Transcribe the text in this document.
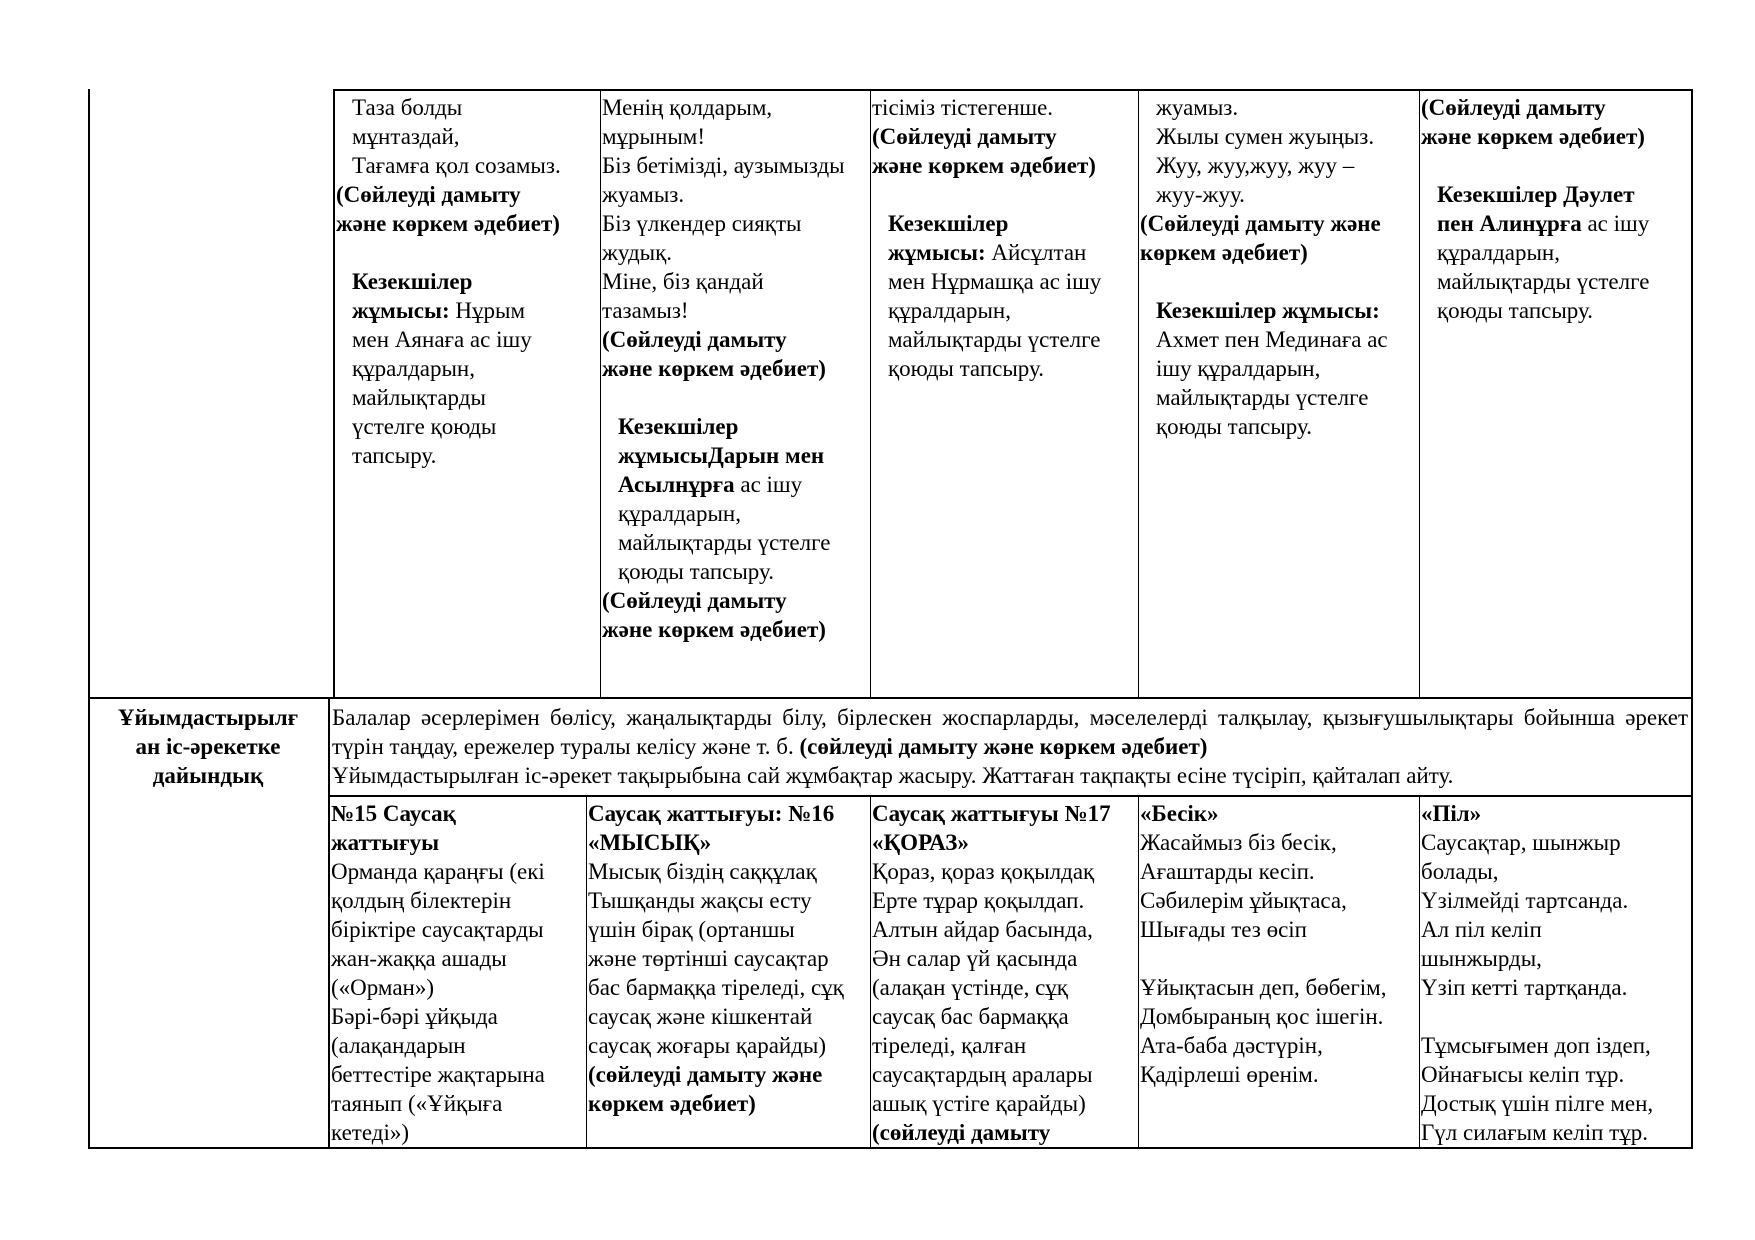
Таза болды
мұнтаздай,
Тағамға қол созамыз.
(Сөйлеуді дамыту
және көркем әдебиет)

Кезекшілер
жұмысы: Нұрым
мен Аянаға ас ішу
құралдарын,
майлықтарды
үстелге қоюды
тапсыру.
Менің қолдарым,
мұрыным!
Біз бетімізді, аузымызды
жуамыз.
Біз үлкендер сияқты
жудық.
Міне, біз қандай
тазамыз!
(Сөйлеуді дамыту
және көркем әдебиет)

Кезекшілер
жұмысыДарын мен
Асылнұрға ас ішу
құралдарын,
майлықтарды үстелге
қоюды тапсыру.
(Сөйлеуді дамыту
және көркем әдебиет)
тісіміз тістегенше.
(Сөйлеуді дамыту
және көркем әдебиет)

Кезекшілер
жұмысы: Айсұлтан
мен Нұрмашқа ас ішу
құралдарын,
майлықтарды үстелге
қоюды тапсыру.
жуамыз.
Жылы сумен жуыңыз.
Жуу, жуу,жуу, жуу –
жуу-жуу.
(Сөйлеуді дамыту және
көркем әдебиет)

Кезекшілер жұмысы:
Ахмет пен Мединаға ас
ішу құралдарын,
майлықтарды үстелге
қоюды тапсыру.
(Сөйлеуді дамыту
және көркем әдебиет)

Кезекшілер Дәулет
пен Алинұрға ас ішу
құралдарын,
майлықтарды үстелге
қоюды тапсыру.
Ұйымдастырылғ
ан іс-әрекетке
дайындық

Балалар әсерлерімен бөлісу, жаңалықтарды білу, бірлескен жоспарларды, мәселелерді талқылау, қызығушылықтары бойынша әрекет түрін таңдау, ережелер туралы келісу және т. б. (сөйлеуді дамыту және көркем әдебиет)

Ұйымдастырылған іс-әрекет тақырыбына сай жұмбақтар жасыру. Жаттаған тақпақты есіне түсіріп, қайталап айту.

№15 Саусақ
жаттығуы
Орманда қараңғы (екі
қолдың білектерін
біріктіре саусақтарды
жан-жаққа ашады
(«Орман»)
Бәрі-бәрі ұйқыда
(алақандарын
беттестіре жақтарына
таянып («Ұйқыға
кетеді»)
Саусақ жаттығуы: №16
«МЫСЫҚ»
Мысық біздің саққұлақ
Тышқанды жақсы есту
үшін бірақ (ортаншы
және төртінші саусақтар
бас бармаққа тіреледі, сұқ
саусақ және кішкентай
саусақ жоғары қарайды)
(сөйлеуді дамыту және
көркем әдебиет)
Саусақ жаттығуы №17
«ҚОРАЗ»
Қораз, қораз қоқылдақ
Ерте тұрар қоқылдап.
Алтын айдар басында,
Ән салар үй қасында
(алақан үстінде, сұқ
саусақ бас бармаққа
тіреледі, қалған
саусақтардың аралары
ашық үстіге қарайды)
(сөйлеуді дамыту
«Бесік»
Жасаймыз біз бесік,
Ағаштарды кесіп.
Сәбилерім ұйықтаса,
Шығады тез өсіп

Ұйықтасын деп, бөбегім,
Домбыраның қос ішегін.
Ата-баба дәстүрін,
Қадірлеші өренім.
«Піл»
Саусақтар, шынжыр
болады,
Үзілмейді тартсанда.
Ал піл келіп
шынжырды,
Үзіп кетті тартқанда.

Тұмсығымен доп іздеп,
Ойнағысы келіп тұр.
Достық үшін пілге мен,
Гүл силағым келіп тұр.
